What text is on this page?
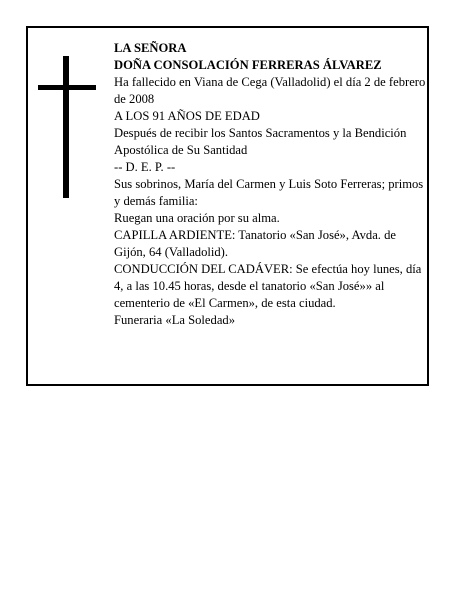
LA SEÑORA

DOÑA CONSOLACIÓN FERRERAS ÁLVAREZ

Ha fallecido en Viana de Cega (Valladolid) el día 2 de febrero de 2008

A LOS 91 AÑOS DE EDAD

Después de recibir los Santos Sacramentos y la Bendición Apostólica de Su Santidad

-- D. E. P. --

Sus sobrinos, María del Carmen y Luis Soto Ferreras; primos y demás familia:

Ruegan una oración por su alma.

CAPILLA ARDIENTE: Tanatorio «San José», Avda. de Gijón, 64 (Valladolid).

CONDUCCIÓN DEL CADÁVER: Se efectúa hoy lunes, día 4, a las 10.45 horas, desde el tanatorio «San José»» al cementerio de «El Carmen», de esta ciudad.

Funeraria «La Soledad»
